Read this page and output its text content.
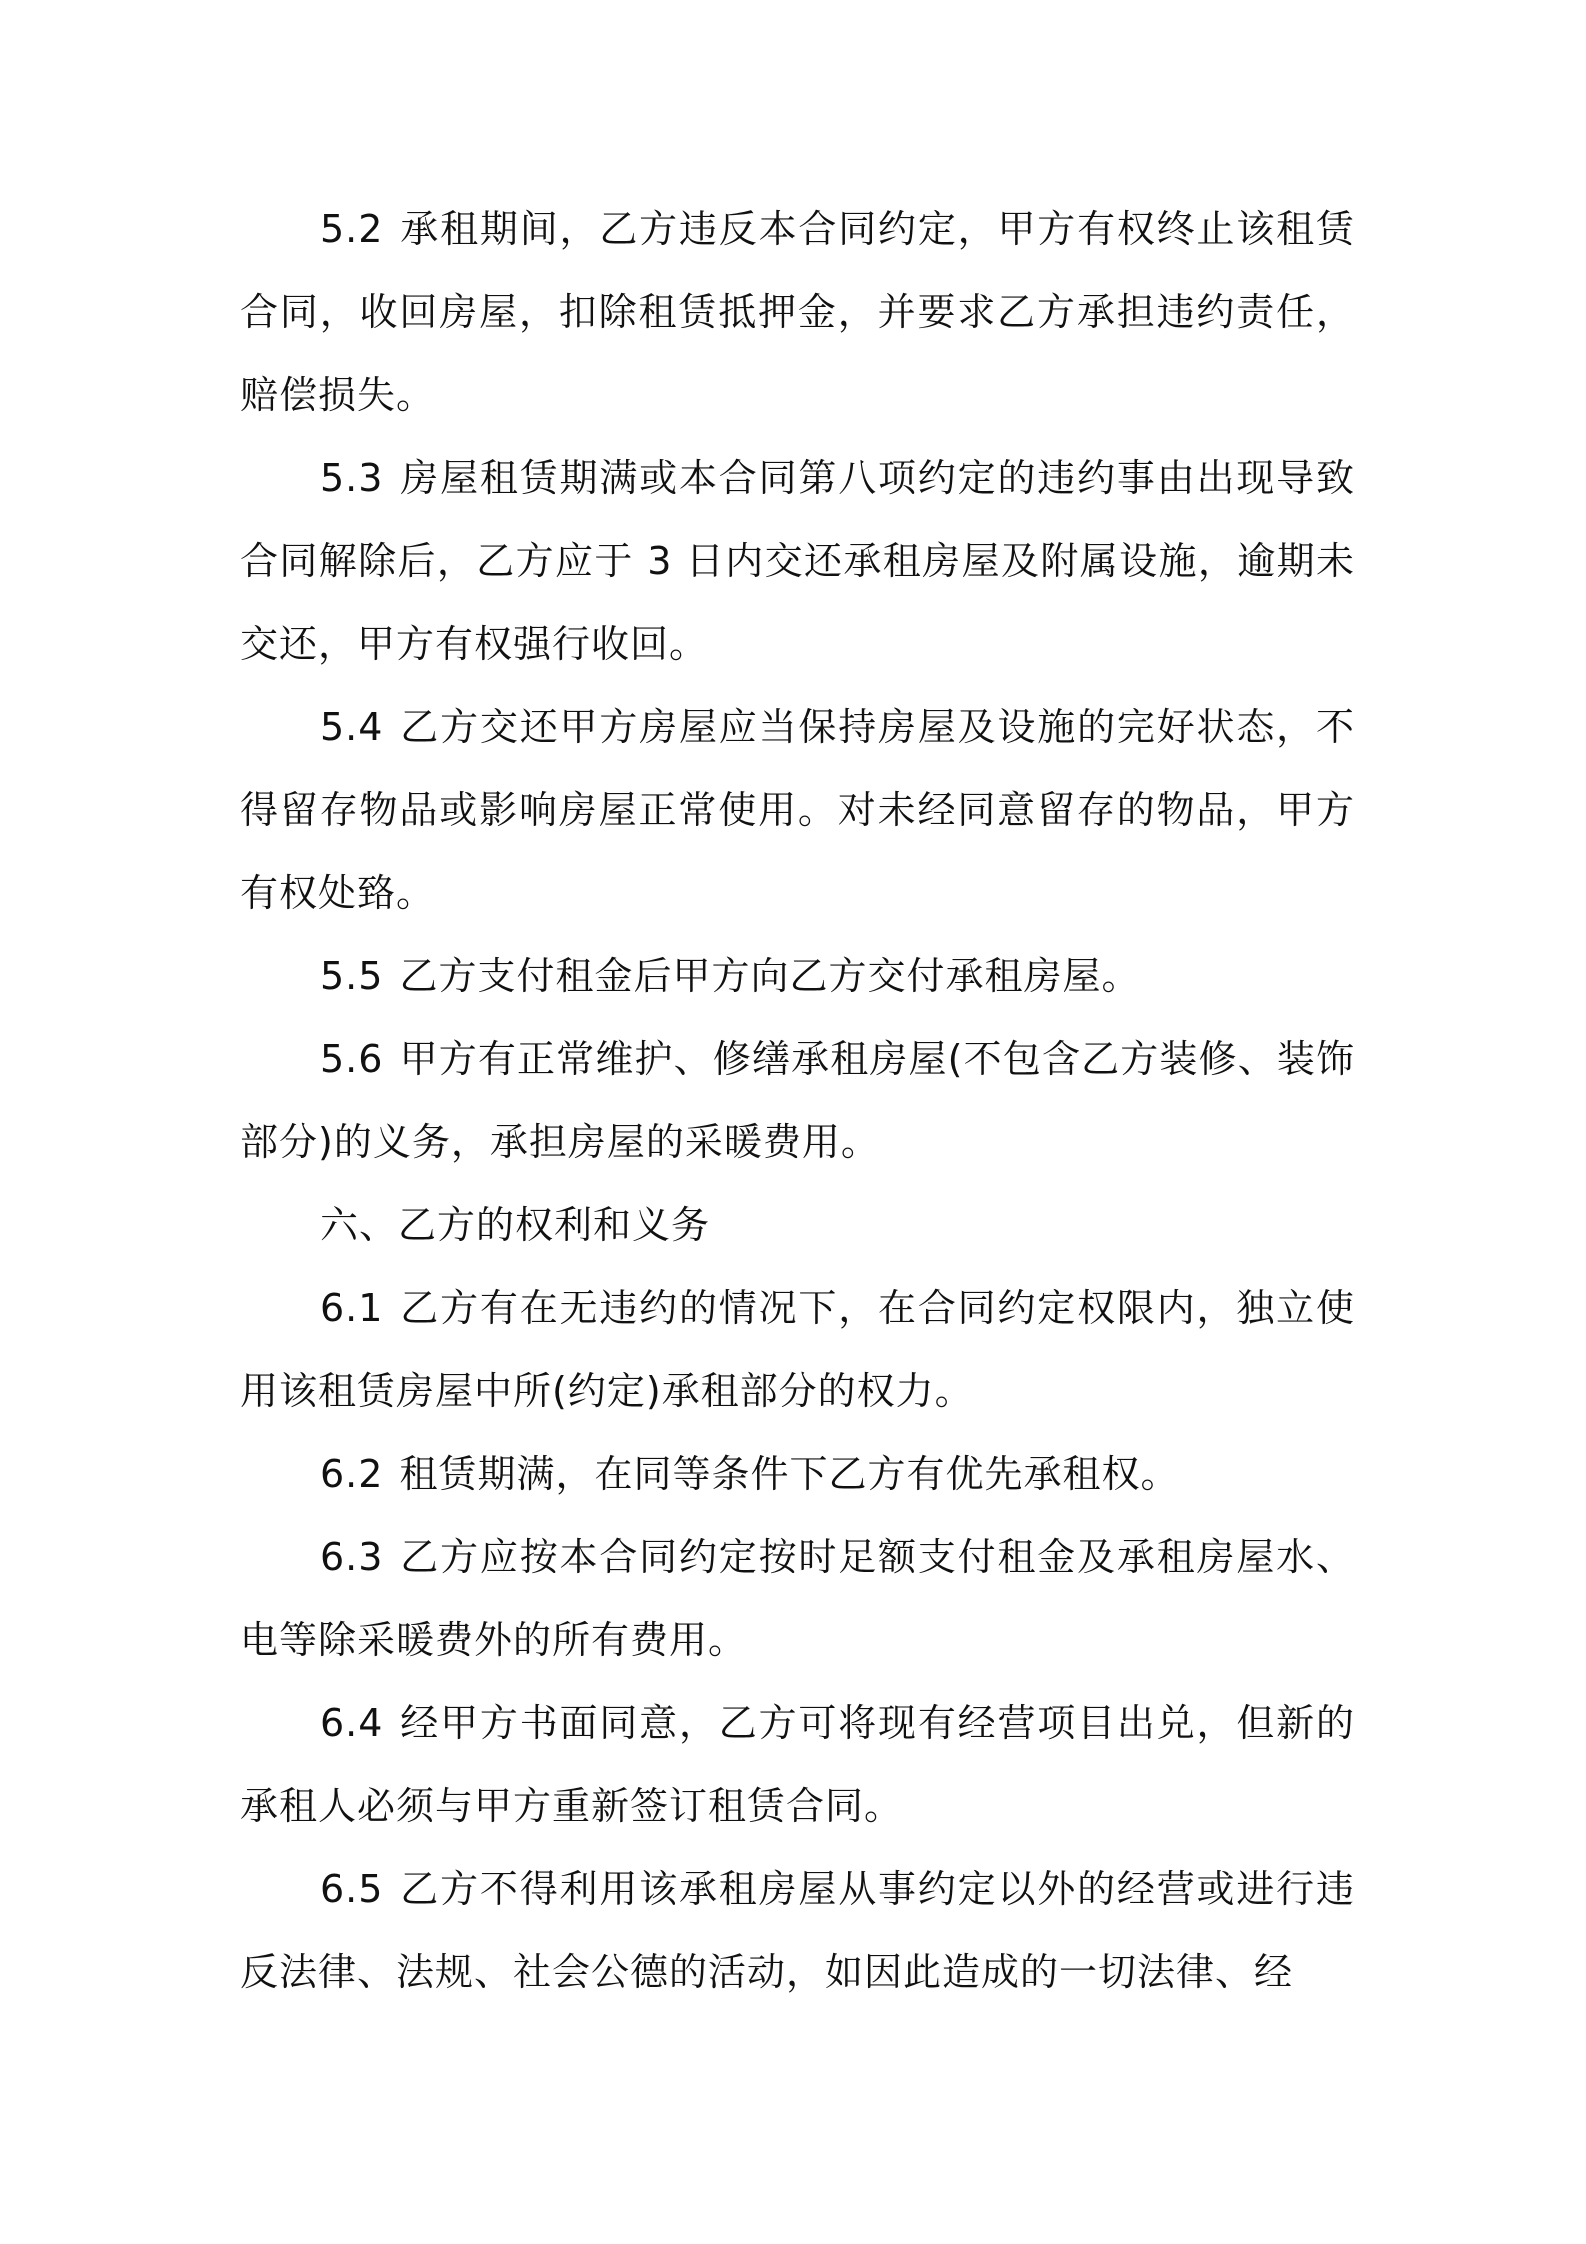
5.2 承租期间，乙方违反本合同约定，甲方有权终止该租赁合同，收回房屋，扣除租赁抵押金，并要求乙方承担违约责任，赔偿损失。

5.3 房屋租赁期满或本合同第八项约定的违约事由出现导致合同解除后，乙方应于 3 日内交还承租房屋及附属设施，逾期未交还，甲方有权强行收回。

5.4 乙方交还甲方房屋应当保持房屋及设施的完好状态，不得留存物品或影响房屋正常使用。对未经同意留存的物品，甲方有权处臵。

5.5 乙方支付租金后甲方向乙方交付承租房屋。

5.6 甲方有正常维护、修缮承租房屋(不包含乙方装修、装饰部分)的义务，承担房屋的采暖费用。

六、乙方的权利和义务

6.1 乙方有在无违约的情况下，在合同约定权限内，独立使用该租赁房屋中所(约定)承租部分的权力。

6.2 租赁期满，在同等条件下乙方有优先承租权。

6.3 乙方应按本合同约定按时足额支付租金及承租房屋水、电等除采暖费外的所有费用。

6.4 经甲方书面同意，乙方可将现有经营项目出兑，但新的承租人必须与甲方重新签订租赁合同。

6.5 乙方不得利用该承租房屋从事约定以外的经营或进行违反法律、法规、社会公德的活动，如因此造成的一切法律、经
